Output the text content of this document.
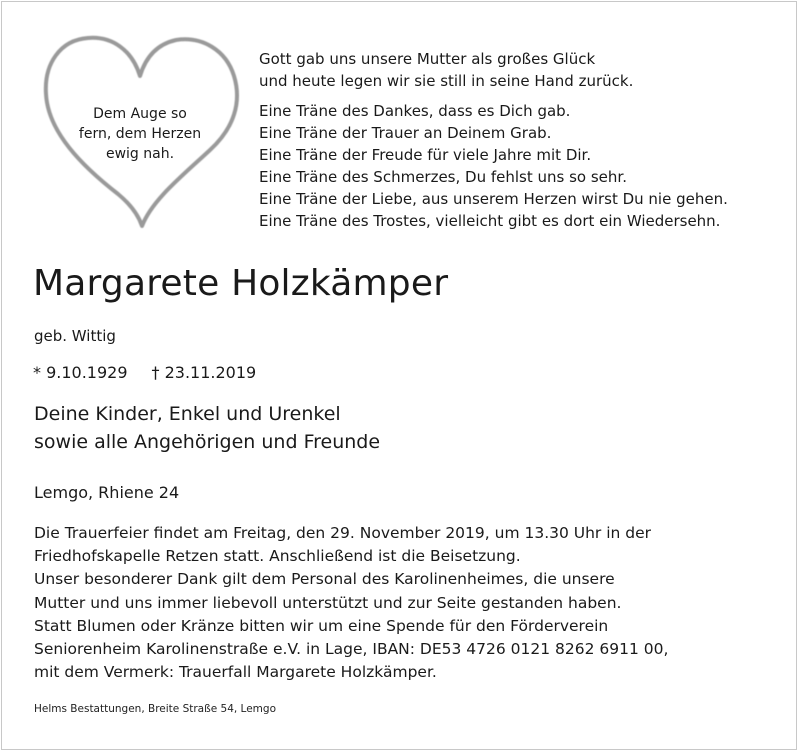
Dem Auge so
fern, dem Herzen
ewig nah.
Gott gab uns unsere Mutter als großes Glück
und heute legen wir sie still in seine Hand zurück.
Eine Träne des Dankes, dass es Dich gab.
Eine Träne der Trauer an Deinem Grab.
Eine Träne der Freude für viele Jahre mit Dir.
Eine Träne des Schmerzes, Du fehlst uns so sehr.
Eine Träne der Liebe, aus unserem Herzen wirst Du nie gehen.
Eine Träne des Trostes, vielleicht gibt es dort ein Wiedersehn.
Margarete Holzkämper
geb. Wittig
* 9.10.1929 † 23.11.2019
Deine Kinder, Enkel und Urenkel
sowie alle Angehörigen und Freunde
Lemgo, Rhiene 24
Die Trauerfeier findet am Freitag, den 29. November 2019, um 13.30 Uhr in der
Friedhofskapelle Retzen statt. Anschließend ist die Beisetzung.
Unser besonderer Dank gilt dem Personal des Karolinenheimes, die unsere
Mutter und uns immer liebevoll unterstützt und zur Seite gestanden haben.
Statt Blumen oder Kränze bitten wir um eine Spende für den Förderverein
Seniorenheim Karolinenstraße e.V. in Lage, IBAN: DE53 4726 0121 8262 6911 00,
mit dem Vermerk: Trauerfall Margarete Holzkämper.
Helms Bestattungen, Breite Straße 54, Lemgo
